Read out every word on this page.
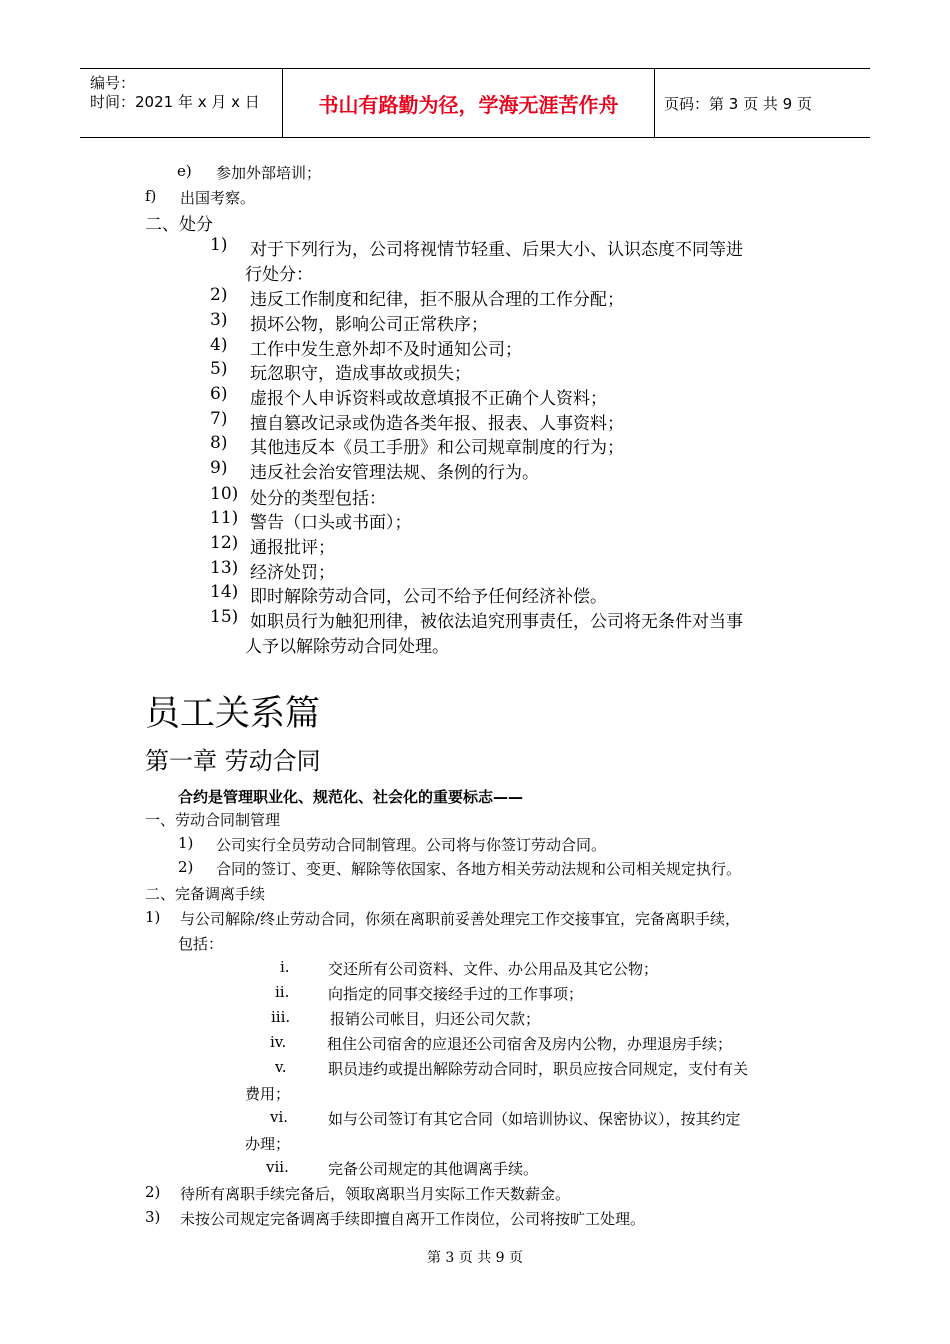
编号：
时间：2021 年 x 月 x 日	书山有路勤为径，学海无涯苦作舟	页码：第 3 页 共 9 页
e) 参加外部培训；
f) 出国考察。
二、处分
1) 对于下列行为，公司将视情节轻重、后果大小、认识态度不同等进
行处分：
2) 违反工作制度和纪律，拒不服从合理的工作分配；
3) 损坏公物，影响公司正常秩序；
4) 工作中发生意外却不及时通知公司；
5) 玩忽职守，造成事故或损失；
6) 虚报个人申诉资料或故意填报不正确个人资料；
7) 擅自篡改记录或伪造各类年报、报表、人事资料；
8) 其他违反本《员工手册》和公司规章制度的行为；
9) 违反社会治安管理法规、条例的行为。
10) 处分的类型包括：
11) 警告（口头或书面）；
12) 通报批评；
13) 经济处罚；
14) 即时解除劳动合同，公司不给予任何经济补偿。
15) 如职员行为触犯刑律，被依法追究刑事责任，公司将无条件对当事
人予以解除劳动合同处理。
员工关系篇
第一章 劳动合同
合约是管理职业化、规范化、社会化的重要标志——
一、劳动合同制管理
1) 公司实行全员劳动合同制管理。公司将与你签订劳动合同。
2) 合同的签订、变更、解除等依国家、各地方相关劳动法规和公司相关规定执行。
二、完备调离手续
1) 与公司解除/终止劳动合同，你须在离职前妥善处理完工作交接事宜，完备离职手续，
包括：
i.	交还所有公司资料、文件、办公用品及其它公物；
ii.	向指定的同事交接经手过的工作事项；
iii.	报销公司帐目，归还公司欠款；
iv.	租住公司宿舍的应退还公司宿舍及房内公物，办理退房手续；
v.	职员违约或提出解除劳动合同时，职员应按合同规定，支付有关
费用；
vi.	如与公司签订有其它合同（如培训协议、保密协议），按其约定
办理；
vii.	完备公司规定的其他调离手续。
2) 待所有离职手续完备后，领取离职当月实际工作天数薪金。
3) 未按公司规定完备调离手续即擅自离开工作岗位，公司将按旷工处理。
第 3 页 共 9 页
